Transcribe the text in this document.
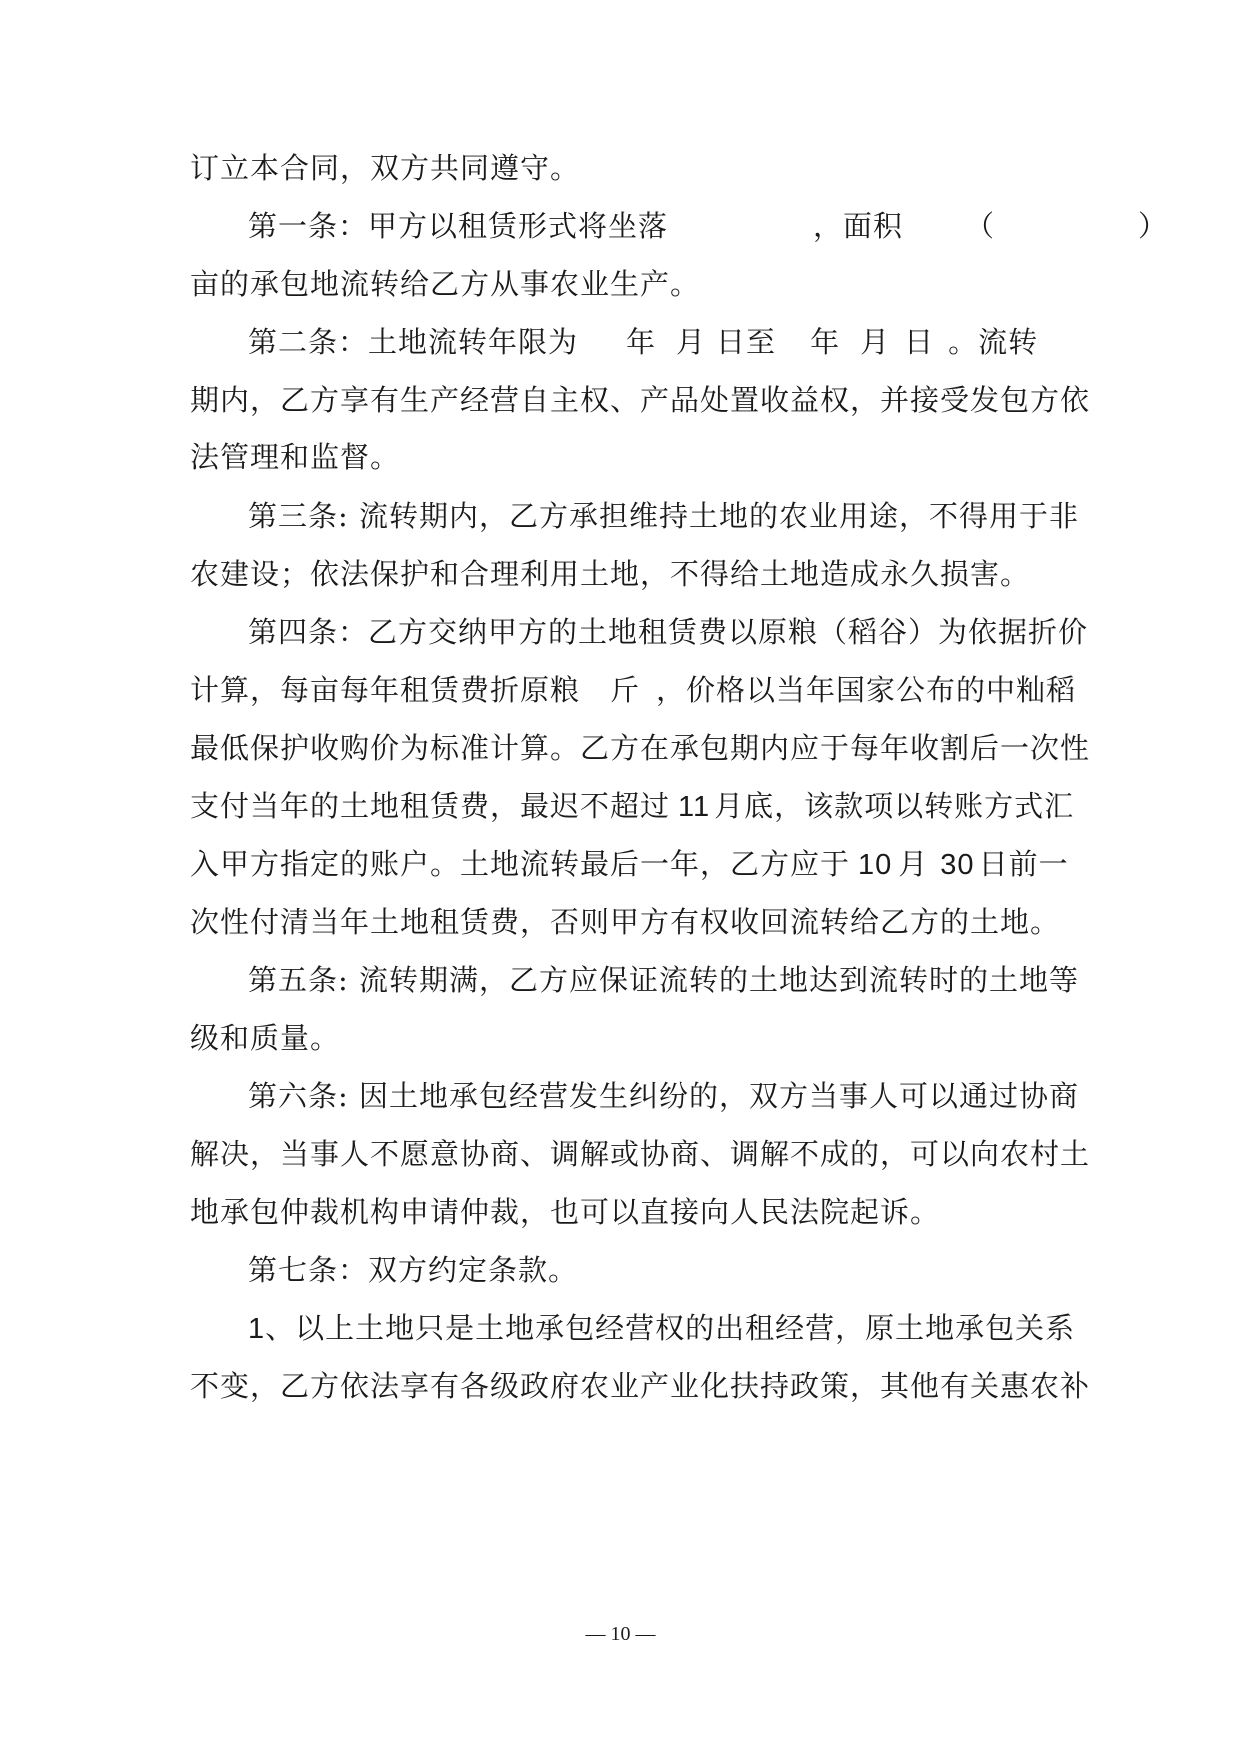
订立本合同，双方共同遵守。
第一条：甲方以租赁形式将坐落	，面积 （	）
亩的承包地流转给乙方从事农业生产。
第二条：土地流转年限为 年 月 日至 年 月 日 。流转
期内，乙方享有生产经营自主权、产品处置收益权，并接受发包方依
法管理和监督。
第三条: 流转期内，乙方承担维持土地的农业用途，不得用于非
农建设；依法保护和合理利用土地，不得给土地造成永久损害。
第四条：乙方交纳甲方的土地租赁费以原粮（稻谷）为依据折价
计算，每亩每年租赁费折原粮 斤 ，价格以当年国家公布的中籼稻
最低保护收购价为标准计算。乙方在承包期内应于每年收割后一次性
支付当年的土地租赁费，最迟不超过 11 月底，该款项以转账方式汇
入甲方指定的账户。土地流转最后一年，乙方应于 10 月 30 日前一
次性付清当年土地租赁费，否则甲方有权收回流转给乙方的土地。
第五条: 流转期满，乙方应保证流转的土地达到流转时的土地等
级和质量。
第六条: 因土地承包经营发生纠纷的，双方当事人可以通过协商
解决，当事人不愿意协商、调解或协商、调解不成的，可以向农村土
地承包仲裁机构申请仲裁，也可以直接向人民法院起诉。
第七条：双方约定条款。
1、以上土地只是土地承包经营权的出租经营，原土地承包关系
不变，乙方依法享有各级政府农业产业化扶持政策，其他有关惠农补
— 10 —
